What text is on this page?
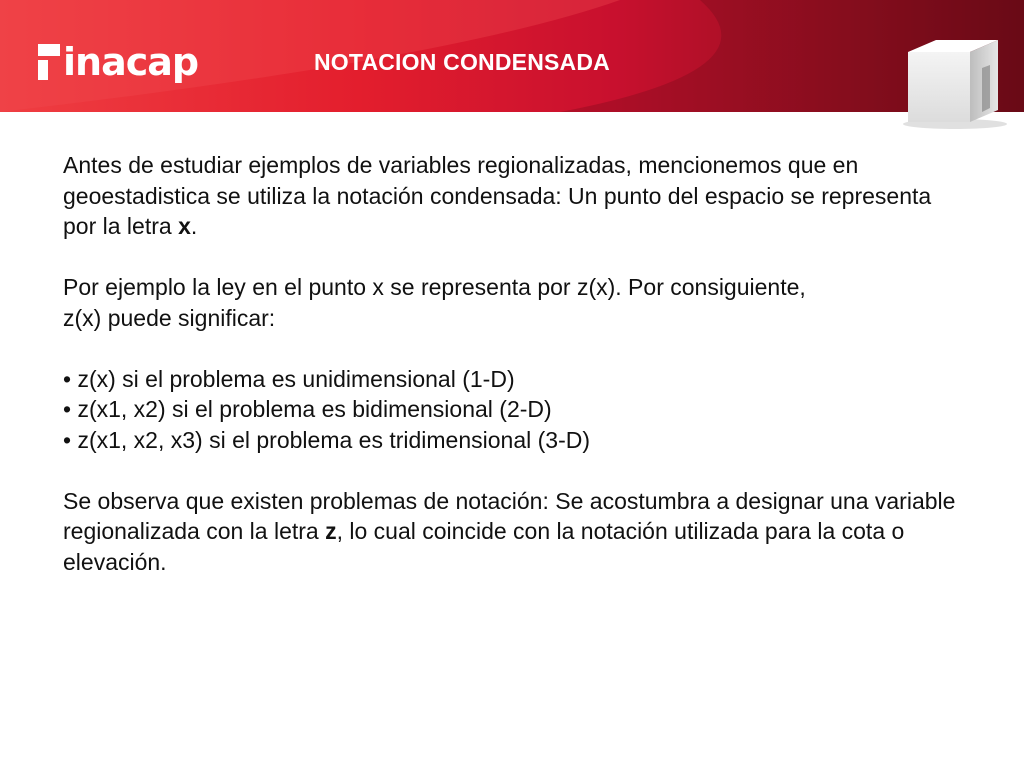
inacap	NOTACION CONDENSADA

Antes de estudiar ejemplos de variables regionalizadas, mencionemos que en geoestadistica se utiliza la notación condensada: Un punto del espacio se representa por la letra x.

Por ejemplo la ley en el punto x se representa por z(x). Por consiguiente,
z(x) puede significar:

• z(x) si el problema es unidimensional (1-D)
• z(x1, x2) si el problema es bidimensional (2-D)
• z(x1, x2, x3) si el problema es tridimensional (3-D)

Se observa que existen problemas de notación: Se acostumbra a designar una variable regionalizada con la letra z, lo cual coincide con la notación utilizada para la cota o elevación.
